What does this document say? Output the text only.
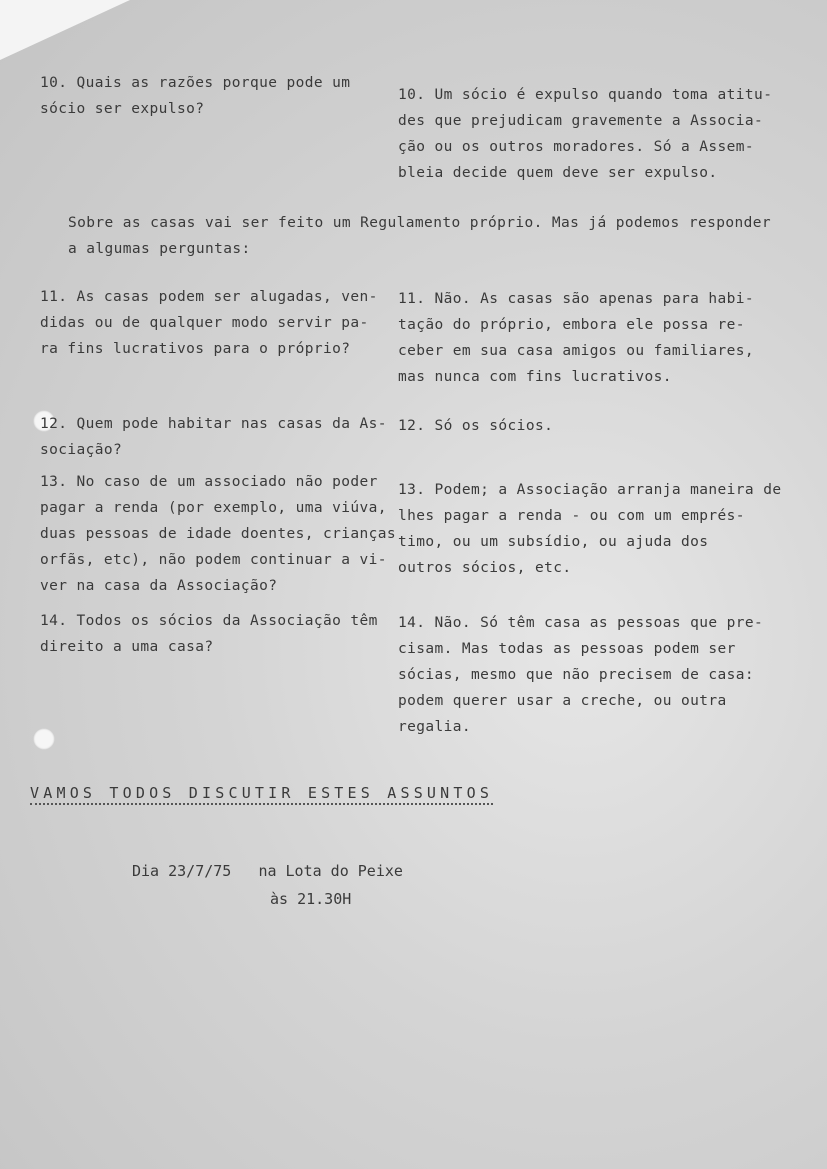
10. Quais as razões porque pode um
sócio ser expulso?
10. Um sócio é expulso quando toma atitu-
des que prejudicam gravemente a Associa-
ção ou os outros moradores. Só a Assem-
bleia decide quem deve ser expulso.
Sobre as casas vai ser feito um Regulamento próprio. Mas já podemos responder
a algumas perguntas:
11. As casas podem ser alugadas, ven-
didas ou de qualquer modo servir pa-
ra fins lucrativos para o próprio?
11. Não. As casas são apenas para habi-
tação do próprio, embora ele possa re-
ceber em sua casa amigos ou familiares,
mas nunca com fins lucrativos.
12. Quem pode habitar nas casas da As-
sociação?
12. Só os sócios.
13. No caso de um associado não poder
pagar a renda (por exemplo, uma viúva,
duas pessoas de idade doentes, crianças
orfãs, etc), não podem continuar a vi-
ver na casa da Associação?
13. Podem; a Associação arranja maneira de
lhes pagar a renda - ou com um emprés-
timo, ou um subsídio, ou ajuda dos
outros sócios, etc.
14. Todos os sócios da Associação têm
direito a uma casa?
14. Não. Só têm casa as pessoas que pre-
cisam. Mas todas as pessoas podem ser
sócias, mesmo que não precisem de casa:
podem querer usar a creche, ou outra
regalia.
VAMOS TODOS DISCUTIR ESTES ASSUNTOS
Dia 23/7/75 na Lota do Peixe
às 21.30H
